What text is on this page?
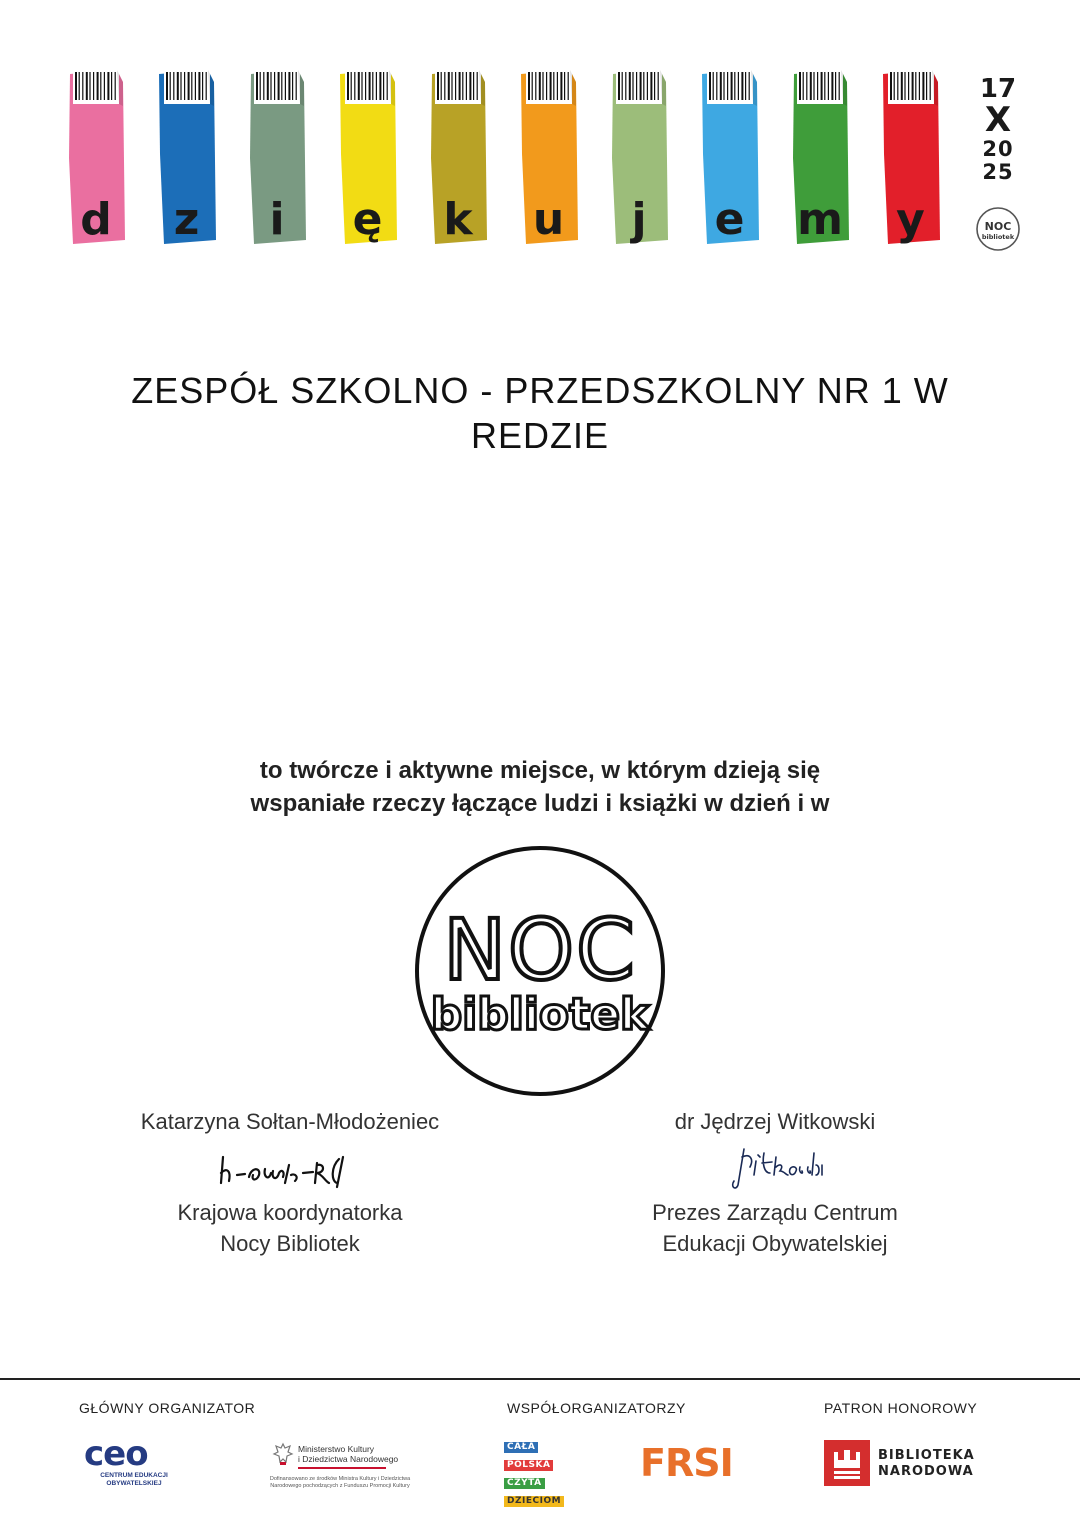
d	z	i	ę	k	u	j	e	m	y
17
X
20
25
NOC
bibliotek
ZESPÓŁ SZKOLNO - PRZEDSZKOLNY NR 1 W REDZIE
to twórcze i aktywne miejsce, w którym dzieją się
wspaniałe rzeczy łączące ludzi i książki w dzień i w
NOC
bibliotek
Katarzyna Sołtan-Młodożeniec
Krajowa koordynatorka
Nocy Bibliotek
dr Jędrzej Witkowski
Prezes Zarządu Centrum
Edukacji Obywatelskiej
GŁÓWNY ORGANIZATOR	WSPÓŁORGANIZATORZY	PATRON HONOROWY
ceo
CENTRUM EDUKACJI
OBYWATELSKIEJ
Ministerstwo Kultury
i Dziedzictwa Narodowego
Dofinansowano ze środków Ministra Kultury i Dziedzictwa
Narodowego pochodzących z Funduszu Promocji Kultury
CAŁA
POLSKA
CZYTA
DZIECIOM
FRSI	BIBLIOTEKA
NARODOWA
